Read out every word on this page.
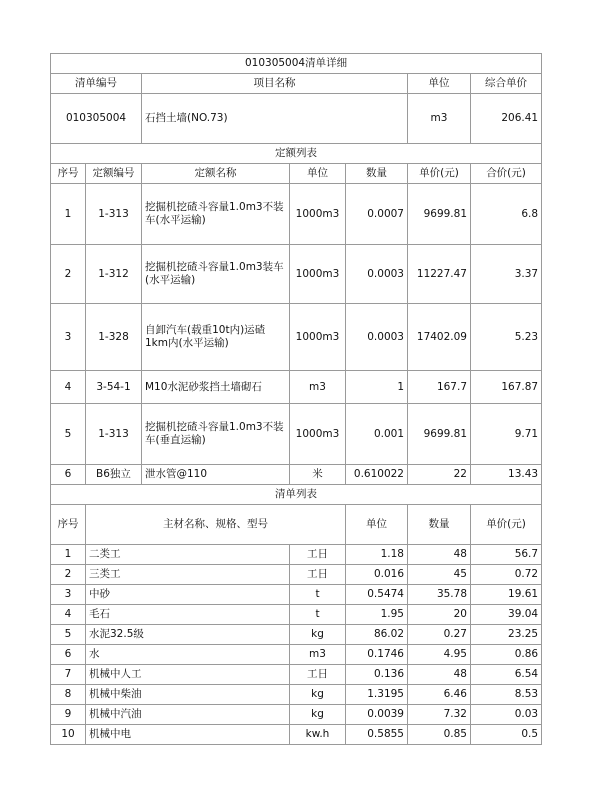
010305004清单详细							
清单编号		项目名称			单位	综合单价	
010305004		石挡土墙(NO.73)			m3	206.41	
定额列表							
序号	定额编号	定额名称	单位	数量	单价(元)	合价(元)	
1	1-313	挖掘机挖碴斗容量1.0m3不装车(水平运输)	1000m3	0.0007	9699.81	6.8	
2	1-312	挖掘机挖碴斗容量1.0m3装车(水平运输)	1000m3	0.0003	11227.47	3.37	
3	1-328	自卸汽车(载重10t内)运碴1km内(水平运输)	1000m3	0.0003	17402.09	5.23	
4	3-54-1	M10水泥砂浆挡土墙砌石	m3	1	167.7	167.87	
5	1-313	挖掘机挖碴斗容量1.0m3不装车(垂直运输)	1000m3	0.001	9699.81	9.71	
6	B6独立	泄水管@110	米	0.610022	22	13.43	
清单列表							
序号	主材名称、规格、型号			单位	数量	单价(元)	
1	二类工		工日	1.18	48	56.7	
2	三类工		工日	0.016	45	0.72	
3	中砂		t	0.5474	35.78	19.61	
4	毛石		t	1.95	20	39.04	
5	水泥32.5级		kg	86.02	0.27	23.25	
6	水		m3	0.1746	4.95	0.86	
7	机械中人工		工日	0.136	48	6.54	
8	机械中柴油		kg	1.3195	6.46	8.53	
9	机械中汽油		kg	0.0039	7.32	0.03	
10	机械中电		kw.h	0.5855	0.85	0.5	
